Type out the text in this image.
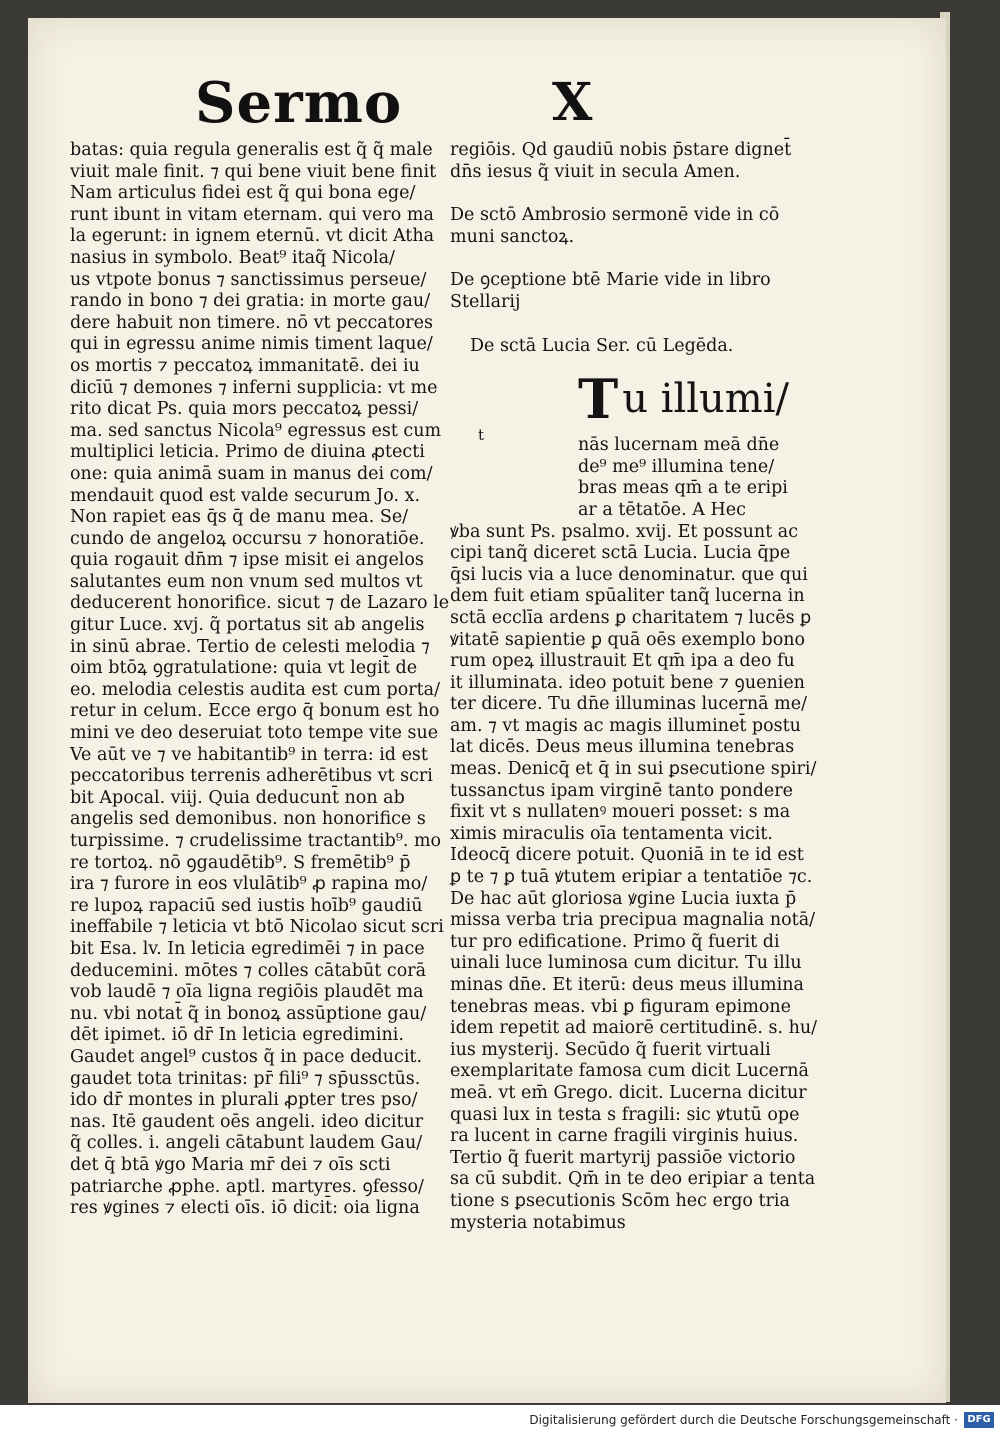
Sermo	X
batas: quia regula generalis est q̃ q̃ male
viuit male finit. ⁊ qui bene viuit bene finit
Nam articulus fidei est q̃ qui bona ege/
runt ibunt in vitam eternam. qui vero ma
la egerunt: in ignem eternū. vt dicit Atha
nasius in symbolo. Beat⁹ itaq̃ Nicola/
us vtpote bonus ⁊ sanctissimus perseue/
rando in bono ⁊ dei gratia: in morte gau/
dere habuit non timere. nō vt peccatores
qui in egressu anime nimis timent laque/
os mortis ⁊ peccatoꝝ immanitatē. dei iu
dicīū ⁊ demones ⁊ inferni supplicia: vt me
rito dicat Ps. quia mors peccatoꝝ pessi/
ma. sed sanctus Nicola⁹ egressus est cum
multiplici leticia. Primo de diuina ꝓtecti
one: quia animā suam in manus dei com/
mendauit quod est valde securum Jo. x.
Non rapiet eas q̄s q̄ de manu mea. Se/
cundo de angeloꝝ occursu ⁊ honoratiōe.
quia rogauit dn̄m ⁊ ipse misit ei angelos
salutantes eum non vnum sed multos vt
deducerent honorifice. sicut ⁊ de Lazaro le
gitur Luce. xvj. q̃ portatus sit ab angelis
in sinū abrae. Tertio de celesti melodia ⁊
oim btōꝝ ꝯgratulatione: quia vt legit̄ de
eo. melodia celestis audita est cum porta/
retur in celum. Ecce ergo q̄ bonum est ho
mini ve deo deseruiat toto tempe vite sue
Ve aūt ve ⁊ ve habitantib⁹ in terra: id est
peccatoribus terrenis adherētibus vt scri
bit Apocal. viij. Quia deducunt̄ non ab
angelis sed demonibus. non honorifice s
turpissime. ⁊ crudelissime tractantib⁹. mo
re tortoꝝ. nō ꝯgaudētib⁹. S fremētib⁹ p̄
ira ⁊ furore in eos vlulātib⁹ ꝓ rapina mo/
re lupoꝝ rapaciū sed iustis hoīb⁹ gaudiū
ineffabile ⁊ leticia vt btō Nicolao sicut scri
bit Esa. lv. In leticia egredimēi ⁊ in pace
deducemini. mōtes ⁊ colles cātabūt corā
vob laudē ⁊ oīa ligna regiōis plaudēt ma
nu. vbi notat̄ q̃ in bonoꝝ assūptione gau/
dēt ipimet. iō dr̄ In leticia egredimini.
Gaudet angel⁹ custos q̃ in pace deducit.
gaudet tota trinitas: pr̄ fili⁹ ⁊ sp̄ussctūs.
ido dr̄ montes in plurali ꝓpter tres pso/
nas. Itē gaudent oēs angeli. ideo dicitur
q̃ colles. i. angeli cātabunt laudem Gau/
det q̄ btā ꝟgo Maria mr̄ dei ⁊ oīs scti
patriarche ꝓphe. aptl. martyres. ꝯfesso/
res ꝟgines ⁊ electi oīs. iō dicit̄: oia ligna
regiōis. Qd gaudiū nobis p̄stare dignet̄
dn̄s iesus q̃ viuit in secula Amen.
De sctō Ambrosio sermonē vide in cō
muni sanctoꝝ.
De ꝯceptione btē Marie vide in libro
Stellarij
De sctā Lucia Ser. cū Legēda.
T u illumi/
nās lucernam meā dn̄e
de⁹ me⁹ illumina tene/
bras meas qm̄ a te eripi
ar a tētatōe. A Hec
ꝟba sunt Ps. psalmo. xvij. Et possunt ac
cipi tanq̃ diceret sctā Lucia. Lucia q̄pe
q̄si lucis via a luce denominatur. que qui
dem fuit etiam spūaliter tanq̃ lucerna in
sctā ecclīa ardens ꝑ charitatem ⁊ lucēs ꝑ
ꝟitatē sapientie ꝑ quā oēs exemplo bono
rum opeꝝ illustrauit Et qm̄ ipa a deo fu
it illuminata. ideo potuit bene ⁊ ꝯuenien
ter dicere. Tu dn̄e illuminas lucernā me/
am. ⁊ vt magis ac magis illuminet̄ postu
lat dicēs. Deus meus illumina tenebras
meas. Denicq̄ et q̄ in sui ꝑsecutione spiri/
tussanctus ipam virginē tanto pondere
fixit vt s nullatenꝰ moueri posset: s ma
ximis miraculis oīa tentamenta vicit.
Ideocq̄ dicere potuit. Quoniā in te id est
ꝑ te ⁊ ꝑ tuā ꝟtutem eripiar a tentatiōe ⁊c.
De hac aūt gloriosa ꝟgine Lucia iuxta p̄
missa verba tria precipua magnalia notā/
tur pro edificatione. Primo q̃ fuerit di
uinali luce luminosa cum dicitur. Tu illu
minas dn̄e. Et iterū: deus meus illumina
tenebras meas. vbi ꝑ figuram epimone
idem repetit ad maiorē certitudinē. s. hu/
ius mysterij. Secūdo q̃ fuerit virtuali
exemplaritate famosa cum dicit Lucernā
meā. vt em̄ Grego. dicit. Lucerna dicitur
quasi lux in testa s fragili: sic ꝟtutū ope
ra lucent in carne fragili virginis huius.
Tertio q̃ fuerit martyrij passiōe victorio
sa cū subdit. Qm̄ in te deo eripiar a tenta
tione s ꝑsecutionis Scōm hec ergo tria
mysteria notabimus
t
Digitalisierung gefördert durch die Deutsche Forschungsgemeinschaft · DFG
